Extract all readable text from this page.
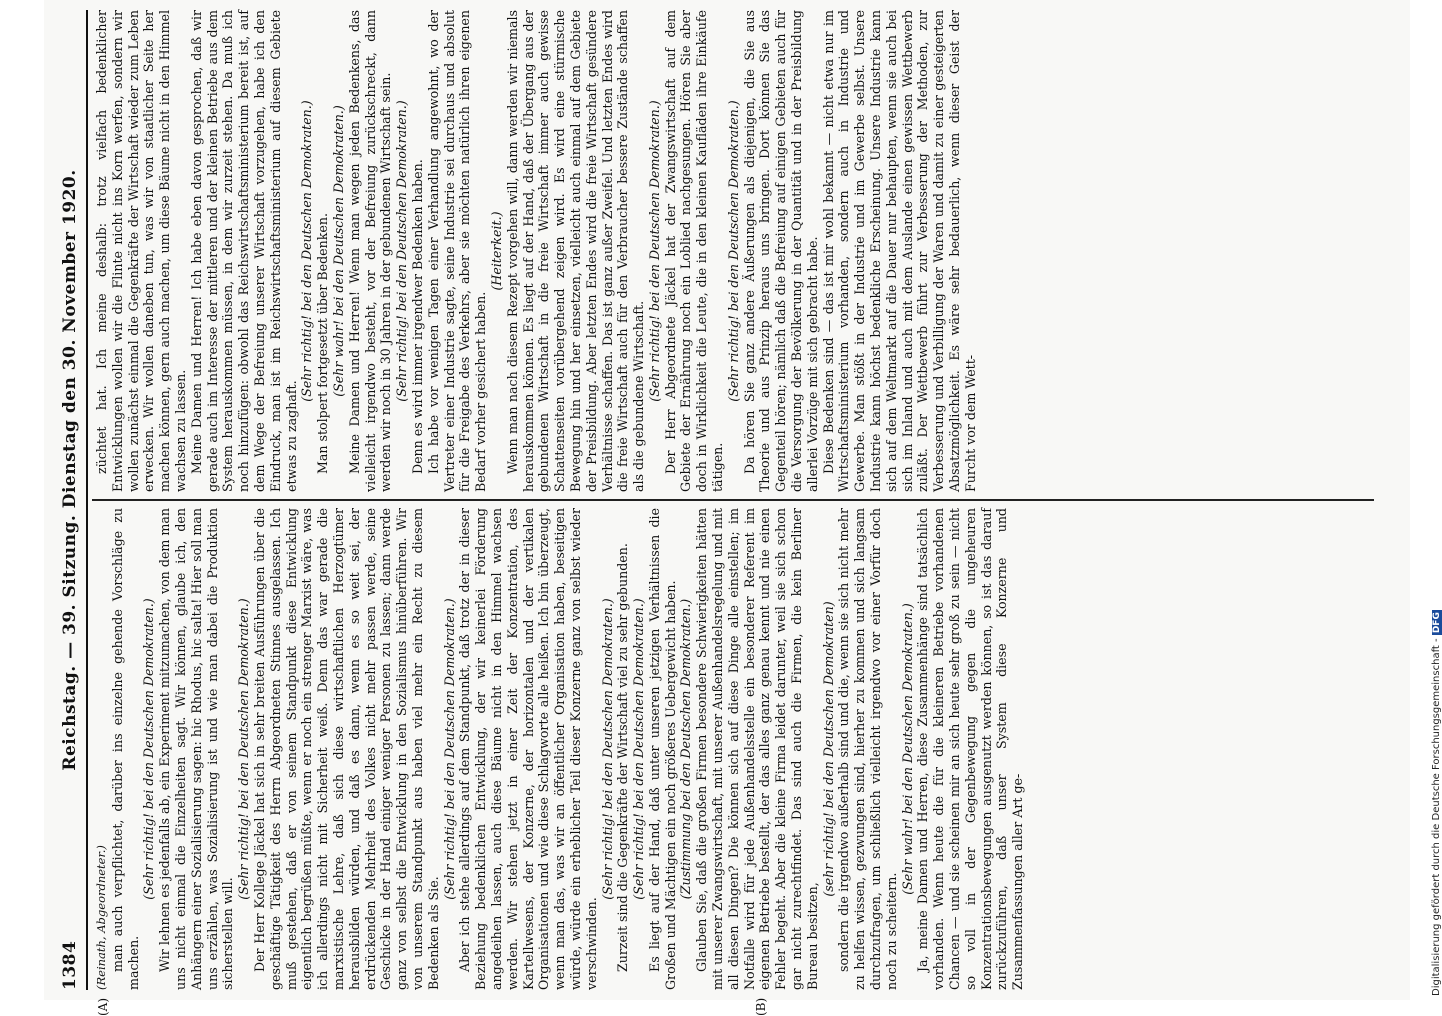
1384
Reichstag. — 39. Sitzung. Dienstag den 30. November 1920.

(Reinath, Abgeordneter.) man auch verpflichtet, darüber ins einzelne gehende Vorschläge zu machen.

(Sehr richtig! bei den Deutschen Demokraten.) Wir lehnen es jedenfalls ab, ein Experiment mitzumachen, von dem man uns nicht einmal die Einzelheiten sagt. Wir können, glaube ich, den Anhängern einer Sozialisierung sagen: hic Rhodus, hic salta! Hier soll man uns erzählen, was Sozialisierung ist und wie man dabei die Produktion sicherstellen will.

(Sehr richtig! bei den Deutschen Demokraten.) Der Herr Kollege Jäckel hat sich in sehr breiten Ausführungen über die geschäftige Tätigkeit des Herrn Abgeordneten Stinnes ausgelassen. Ich muß gestehen, daß er von seinem Standpunkt diese Entwicklung eigentlich begrüßen müßte, wenn er noch ein strenger Marxist wäre, was ich allerdings nicht mit Sicherheit weiß. Denn das war gerade die marxistische Lehre, daß sich diese wirtschaftlichen Herzogtümer herausbilden würden, und daß es dann, wenn es so weit sei, der erdrückenden Mehrheit des Volkes nicht mehr passen werde, seine Geschicke in der Hand einiger weniger Personen zu lassen; dann werde ganz von selbst die Entwicklung in den Sozialismus hinüberführen. Wir von unserem Standpunkt aus haben viel mehr ein Recht zu diesem Bedenken als Sie.

(Sehr richtig! bei den Deutschen Demokraten.) Aber ich stehe allerdings auf dem Standpunkt, daß trotz der in dieser Beziehung bedenklichen Entwicklung, der wir keinerlei Förderung angedeihen lassen, auch diese Bäume nicht in den Himmel wachsen werden. Wir stehen jetzt in einer Zeit der Konzentration, des Kartellwesens, der Konzerne, der horizontalen und der vertikalen Organisationen und wie diese Schlagworte alle heißen. Ich bin überzeugt, wenn man das, was wir an öffentlicher Organisation haben, beseitigen würde, würde ein erheblicher Teil dieser Konzerne ganz von selbst wieder verschwinden.

(Sehr richtig! bei den Deutschen Demokraten.) Zurzeit sind die Gegenkräfte der Wirtschaft viel zu sehr gebunden. (Sehr richtig! bei den Deutschen Demokraten.) Es liegt auf der Hand, daß unter unseren jetzigen Verhältnissen die Großen und Mächtigen ein noch größeres Uebergewicht haben. (Zustimmung bei den Deutschen Demokraten.) Glauben Sie, daß die großen Firmen besondere Schwierigkeiten hätten mit unserer Zwangswirtschaft, mit unserer Außenhandelsregelung und mit all diesen Dingen? Die können sich auf diese Dinge alle einstellen; im Notfalle wird für jede Außenhandelsstelle ein besonderer Referent im eigenen Betriebe bestellt, der das alles ganz genau kennt und nie einen Fehler begeht. Aber die kleine Firma leidet darunter, weil sie sich schon gar nicht zurechtfindet. Das sind auch die Firmen, die kein Berliner Bureau besitzen,

(sehr richtig! bei den Deutschen Demokraten) sondern die irgendwo außerhalb sind und die, wenn sie sich nicht mehr zu helfen wissen, gezwungen sind, hierher zu kommen und sich langsam durchzufragen, um schließlich vielleicht irgendwo vor einer Vorfür doch noch zu scheitern.

(Sehr wahr! bei den Deutschen Demokraten.) Ja, meine Damen und Herren, diese Zusammenhänge sind tatsächlich vorhanden. Wenn heute die für die kleineren Betriebe vorhandenen Chancen — und sie scheinen mir an sich heute sehr groß zu sein — nicht so voll in der Gegenbewegung gegen die ungeheuren Konzentrationsbewegungen ausgenutzt werden können, so ist das darauf zurückzuführen, daß unser System diese Konzerne und Zusammenfassungen aller Art ge-

züchtet hat. Ich meine deshalb: trotz vielfach bedenklicher Entwicklungen wollen wir die Flinte nicht ins Korn werfen, sondern wir wollen zunächst einmal die Gegenkräfte der Wirtschaft wieder zum Leben erwecken. Wir wollen daneben tun, was wir von staatlicher Seite her machen können, gern auch machen, um diese Bäume nicht in den Himmel wachsen zu lassen. Meine Damen und Herren! Ich habe eben davon gesprochen, daß wir gerade auch im Interesse der mittleren und der kleinen Betriebe aus dem System herauskommen müssen, in dem wir zurzeit stehen. Da muß ich noch hinzufügen: obwohl das Reichswirtschaftsministerium bereit ist, auf dem Wege der Befreiung unserer Wirtschaft vorzugehen, habe ich den Eindruck, man ist im Reichswirtschaftsministerium auf diesem Gebiete etwas zu zaghaft.

(Sehr richtig! bei den Deutschen Demokraten.) Man stolpert fortgesetzt über Bedenken. (Sehr wahr! bei den Deutschen Demokraten.) Meine Damen und Herren! Wenn man wegen jeden Bedenkens, das vielleicht irgendwo besteht, vor der Befreiung zurückschreckt, dann werden wir noch in 30 Jahren in der gebundenen Wirtschaft sein. (Sehr richtig! bei den Deutschen Demokraten.) Denn es wird immer irgendwer Bedenken haben. Ich habe vor wenigen Tagen einer Verhandlung angewohnt, wo der Vertreter einer Industrie sagte, seine Industrie sei durchaus und absolut für die Freigabe des Verkehrs, aber sie möchten natürlich ihren eigenen Bedarf vorher gesichert haben.

(Heiterkeit.) Wenn man nach diesem Rezept vorgehen will, dann werden wir niemals herauskommen können. Es liegt auf der Hand, daß der Übergang aus der gebundenen Wirtschaft in die freie Wirtschaft immer auch gewisse Schattenseiten vorübergehend zeigen wird. Es wird eine stürmische Bewegung hin und her einsetzen, vielleicht auch einmal auf dem Gebiete der Preisbildung. Aber letzten Endes wird die freie Wirtschaft gesündere Verhältnisse schaffen. Das ist ganz außer Zweifel. Und letzten Endes wird die freie Wirtschaft auch für den Verbraucher bessere Zustände schaffen als die gebundene Wirtschaft. (Sehr richtig! bei den Deutschen Demokraten.) Der Herr Abgeordnete Jäckel hat der Zwangswirtschaft auf dem Gebiete der Ernährung noch ein Loblied nachgesungen. Hören Sie aber doch in Wirklichkeit die Leute, die in den kleinen Kaufläden ihre Einkäufe tätigen.

(Sehr richtig! bei den Deutschen Demokraten.) Da hören Sie ganz andere Äußerungen als diejenigen, die Sie aus Theorie und aus Prinzip heraus uns bringen. Dort können Sie das Gegenteil hören; nämlich daß die Befreiung auf einigen Gebieten auch für die Versorgung der Bevölkerung in der Quantität und in der Preisbildung allerlei Vorzüge mit sich gebracht habe. Diese Bedenken sind — das ist mir wohl bekannt — nicht etwa nur im Wirtschaftsministerium vorhanden, sondern auch in Industrie und Gewerbe. Man stößt in der Industrie und im Gewerbe selbst. Unsere Industrie kann höchst bedenkliche Erscheinung. Unsere Industrie kann sich auf dem Weltmarkt auf die Dauer nur behaupten, wenn sie auch bei sich im Inland und auch mit dem Auslande einen gewissen Wettbewerb zuläßt. Der Wettbewerb führt zur Verbesserung der Methoden, zur Verbesserung und Verbilligung der Waren und damit zu einer gesteigerten Absatzmöglichkeit. Es wäre sehr bedauerlich, wenn dieser Geist der Furcht vor dem Wett-

(A)	(B)
Digitalisierung gefördert durch die Deutsche Forschungsgemeinschaft - DFG
